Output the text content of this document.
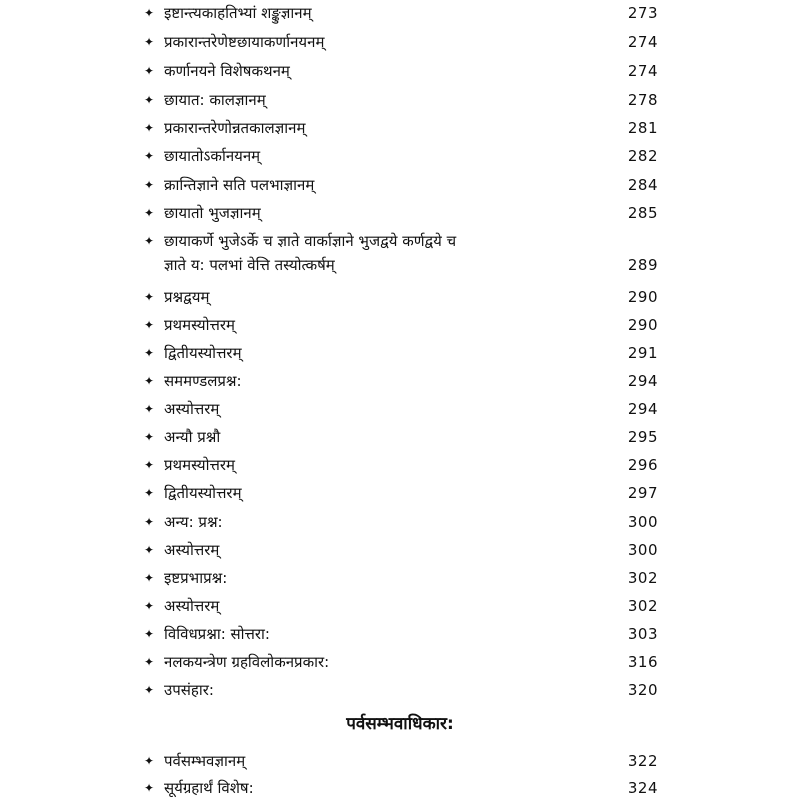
✦ इष्टान्त्यकाहतिभ्यां शङ्कुज्ञानम्	273
✦ प्रकारान्तरेणेष्टछायाकर्णानयनम्	274
✦ कर्णानयने विशेषकथनम्	274
✦ छायात: कालज्ञानम्	278
✦ प्रकारान्तरेणोन्नतकालज्ञानम्	281
✦ छायातोऽर्कानयनम्	282
✦ क्रान्तिज्ञाने सति पलभाज्ञानम्	284
✦ छायातो भुजज्ञानम्	285
✦ छायाकर्णे भुजेऽर्के च ज्ञाते वार्काज्ञाने भुजद्वये कर्णद्वये च
ज्ञाते य: पलभां वेत्ति तस्योत्कर्षम्	289
✦ प्रश्नद्वयम्	290
✦ प्रथमस्योत्तरम्	290
✦ द्वितीयस्योत्तरम्	291
✦ सममण्डलप्रश्न:	294
✦ अस्योत्तरम्	294
✦ अन्यौ प्रश्नौ	295
✦ प्रथमस्योत्तरम्	296
✦ द्वितीयस्योत्तरम्	297
✦ अन्य: प्रश्न:	300
✦ अस्योत्तरम्	300
✦ इष्टप्रभाप्रश्न:	302
✦ अस्योत्तरम्	302
✦ विविधप्रश्ना: सोत्तरा:	303
✦ नलकयन्त्रेण ग्रहविलोकनप्रकार:	316
✦ उपसंहार:	320
पर्वसम्भवाधिकार:
✦ पर्वसम्भवज्ञानम्	322
✦ सूर्यग्रहार्थं विशेष:	324
